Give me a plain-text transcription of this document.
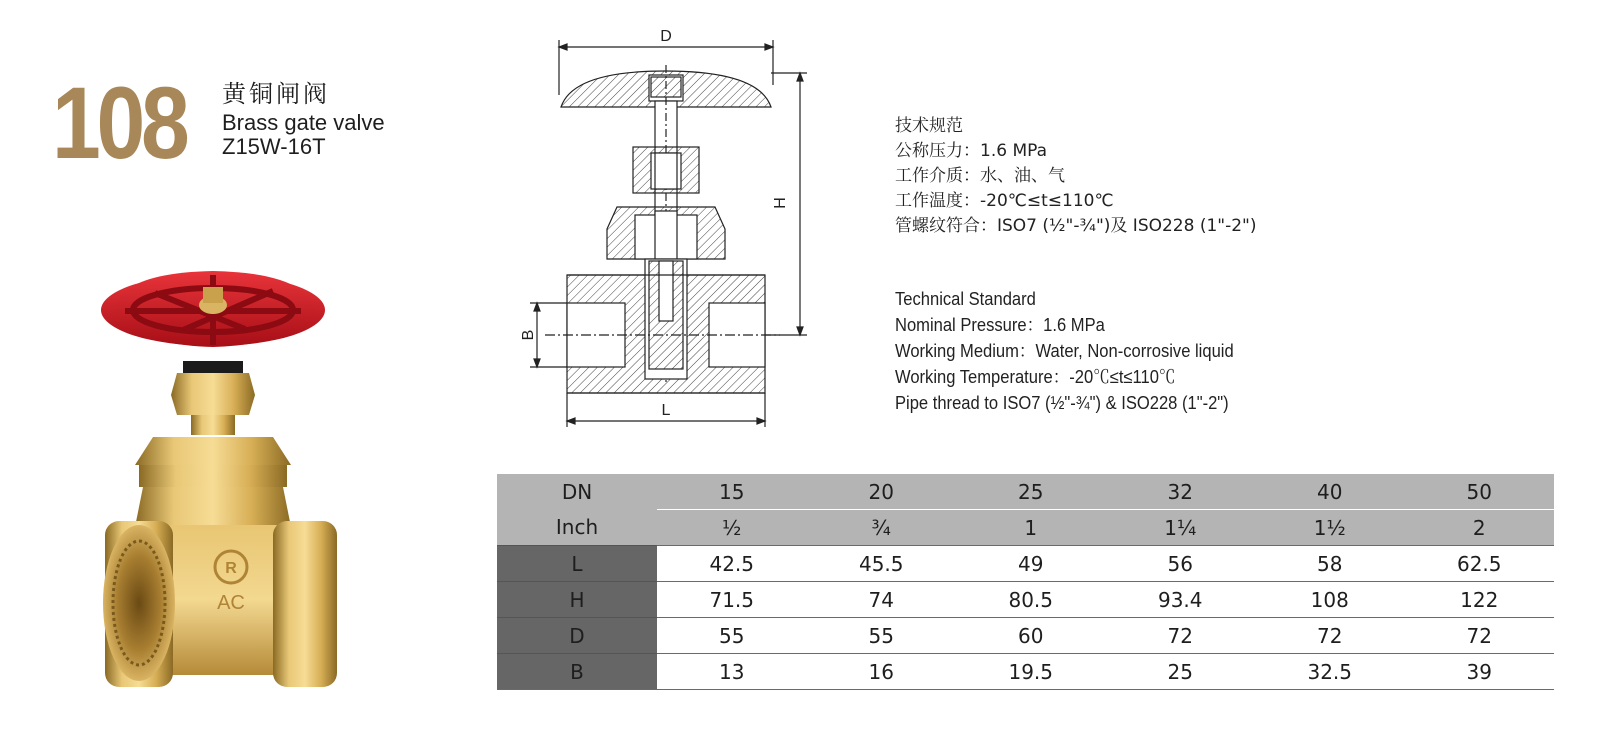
108 黄铜闸阀
Brass gate valve
Z15W-16T
R
AC
D
H
B
L
技术规范
公称压力：1.6 MPa
工作介质：水、油、气
工作温度：-20℃≤t≤110℃
管螺纹符合：ISO7 (½"-¾")及 ISO228 (1"-2")
Technical Standard
Nominal Pressure：1.6 MPa
Working Medium：Water, Non-corrosive liquid
Working Temperature：-20℃≤t≤110℃
Pipe thread to ISO7 (½"-¾") & ISO228 (1"-2")
DN	15	20	25	32	40	50
Inch	½	¾	1	1¼	1½	2
L	42.5	45.5	49	56	58	62.5
H	71.5	74	80.5	93.4	108	122
D	55	55	60	72	72	72
B	13	16	19.5	25	32.5	39
